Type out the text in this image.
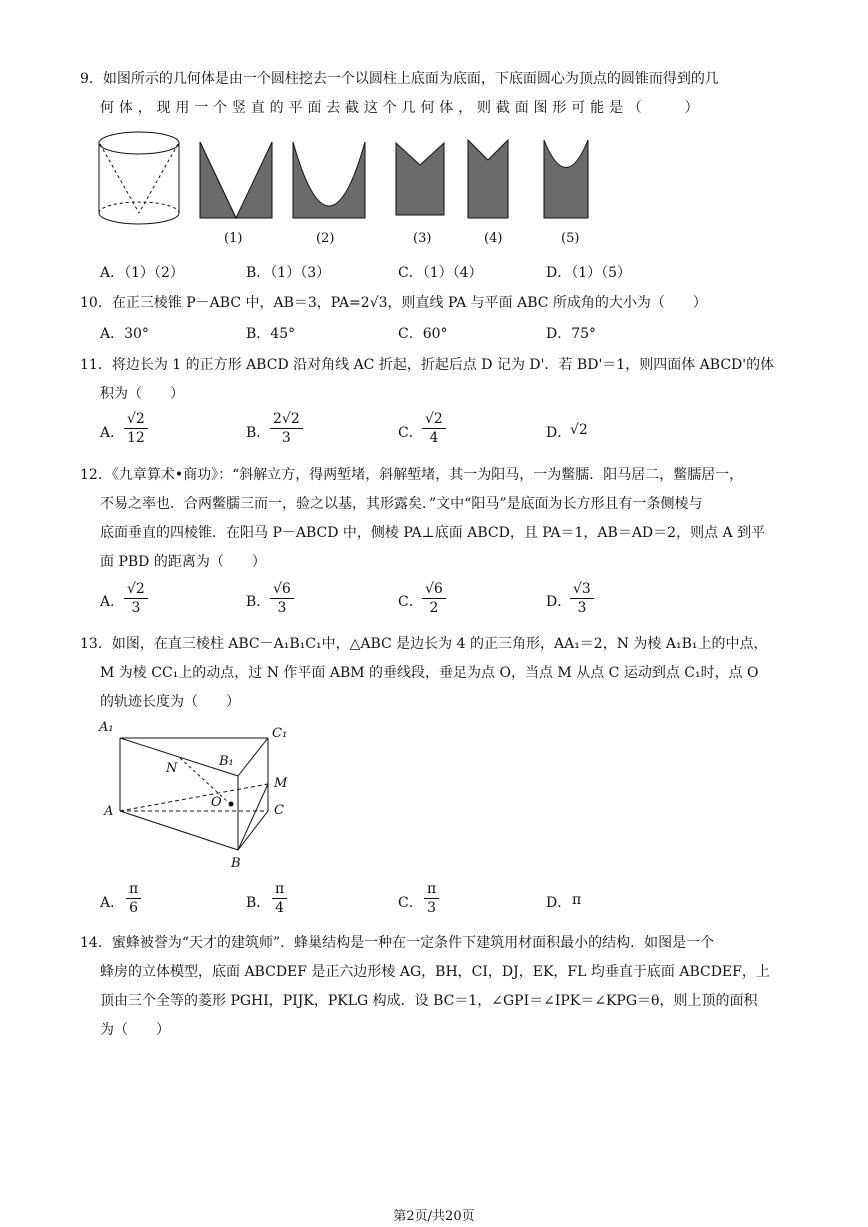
9．如图所示的几何体是由一个圆柱挖去一个以圆柱上底面为底面，下底面圆心为顶点的圆锥而得到的几
何 体 ， 现 用 一 个 竖 直 的 平 面 去 截 这 个 几 何 体 ， 则 截 面 图 形 可 能 是 （　　　）
(1)	(2)	(3)	(4)	(5)
A．（1）（2）	B．（1）（3）	C．（1）（4）	D．（1）（5）
10．在正三棱锥 P－ABC 中，AB＝3，PA=2√3，则直线 PA 与平面 ABC 所成角的大小为（　　）
A．30°	B．45°	C．60°	D．75°
11．将边长为 1 的正方形 ABCD 沿对角线 AC 折起，折起后点 D 记为 D'．若 BD'＝1，则四面体 ABCD'的体
积为（　　）
A． $\frac{√2}{12}$	B． $\frac{2√2}{3}$	C． $\frac{√2}{4}$	D．
√2
12．《九章算术•商功》：“斜解立方，得两堑堵，斜解堑堵，其一为阳马，一为鳖臑．阳马居二，鳖臑居一，
不易之率也．合两鳖臑三而一，验之以基，其形露矣．”文中“阳马”是底面为长方形且有一条侧棱与
底面垂直的四棱锥．在阳马 P－ABCD 中，侧棱 PA⊥底面 ABCD，且 PA＝1，AB＝AD＝2，则点 A 到平
面 PBD 的距离为（　　）
A． $\frac{√2}{3}$	B． $\frac{√6}{3}$	C． $\frac{√6}{2}$	D．
$\frac{√3}{3}$
13．如图，在直三棱柱 ABC－A₁B₁C₁中，△ABC 是边长为 4 的正三角形，AA₁＝2，N 为棱 A₁B₁上的中点，
M 为棱 CC₁上的动点，过 N 作平面 ABM 的垂线段，垂足为点 O，当点 M 从点 C 运动到点 C₁时，点 O
的轨迹长度为（　　）
A₁	C₁
N	B₁
M
O
A	C
B
A． $\frac{\pi}{6}$	B． $\frac{\pi}{4}$	C． $\frac{\pi}{3}$	D． π
14．蜜蜂被誉为“天才的建筑师”．蜂巢结构是一种在一定条件下建筑用材面积最小的结构．如图是一个
蜂房的立体模型，底面 ABCDEF 是正六边形棱 AG，BH，CI，DJ，EK，FL 均垂直于底面 ABCDEF，上
顶由三个全等的菱形 PGHI，PIJK，PKLG 构成．设 BC＝1，∠GPI＝∠IPK＝∠KPG＝θ，则上顶的面积
为（　　）
第2页/共20页
